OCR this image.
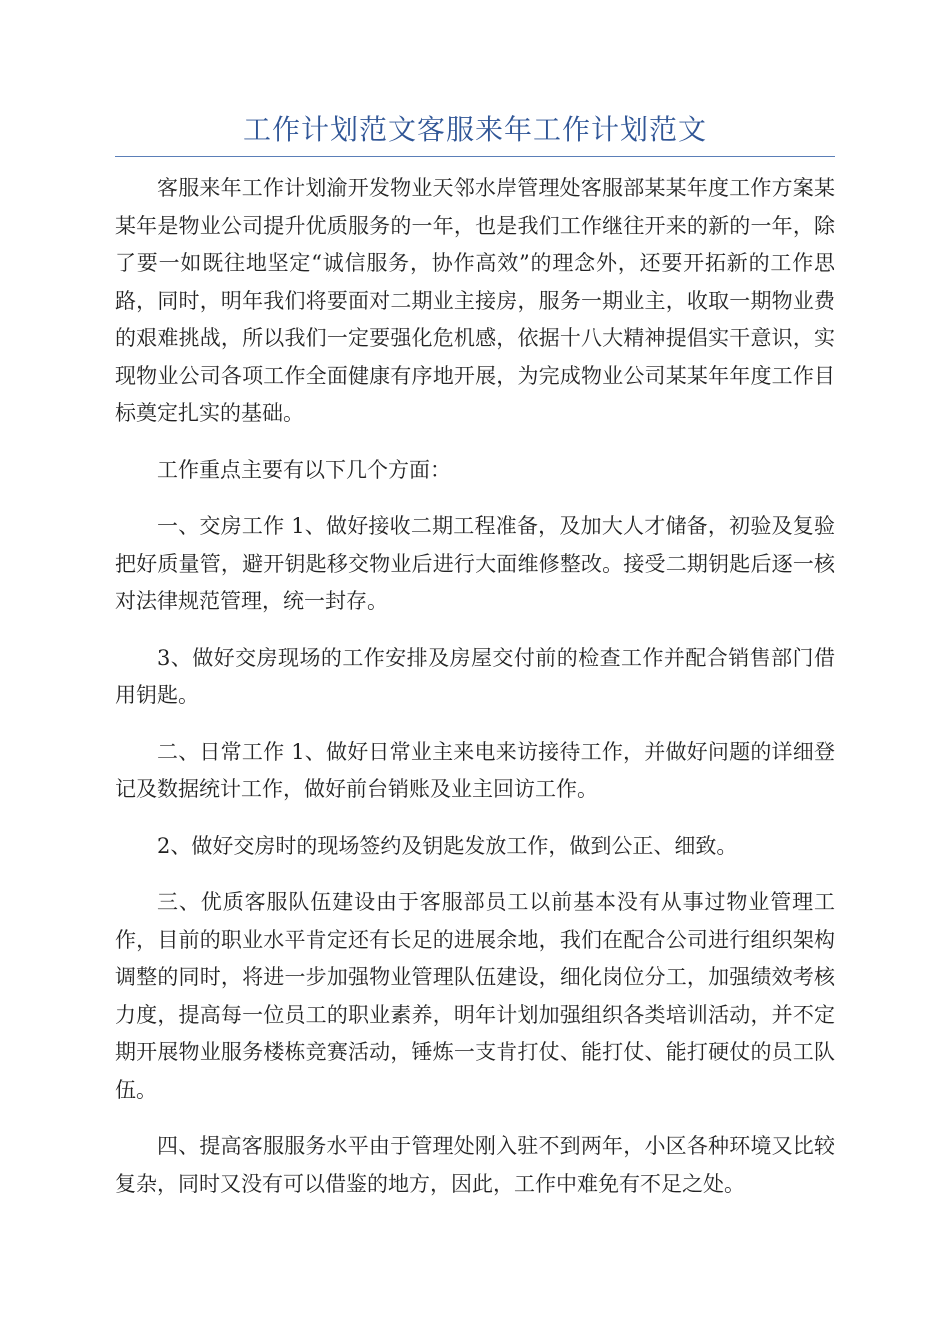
工作计划范文客服来年工作计划范文

客服来年工作计划渝开发物业天邻水岸管理处客服部某某年度工作方案某某年是物业公司提升优质服务的一年，也是我们工作继往开来的新的一年，除了要一如既往地坚定“诚信服务，协作高效”的理念外，还要开拓新的工作思路，同时，明年我们将要面对二期业主接房，服务一期业主，收取一期物业费的艰难挑战，所以我们一定要强化危机感，依据十八大精神提倡实干意识，实现物业公司各项工作全面健康有序地开展，为完成物业公司某某年年度工作目标奠定扎实的基础。

工作重点主要有以下几个方面：

一、交房工作 1、做好接收二期工程准备，及加大人才储备，初验及复验把好质量管，避开钥匙移交物业后进行大面维修整改。接受二期钥匙后逐一核对法律规范管理，统一封存。

3、做好交房现场的工作安排及房屋交付前的检查工作并配合销售部门借用钥匙。

二、日常工作 1、做好日常业主来电来访接待工作，并做好问题的详细登记及数据统计工作，做好前台销账及业主回访工作。

2、做好交房时的现场签约及钥匙发放工作，做到公正、细致。

三、优质客服队伍建设由于客服部员工以前基本没有从事过物业管理工作，目前的职业水平肯定还有长足的进展余地，我们在配合公司进行组织架构调整的同时，将进一步加强物业管理队伍建设，细化岗位分工，加强绩效考核力度，提高每一位员工的职业素养，明年计划加强组织各类培训活动，并不定期开展物业服务楼栋竞赛活动，锤炼一支肯打仗、能打仗、能打硬仗的员工队伍。

四、提高客服服务水平由于管理处刚入驻不到两年，小区各种环境又比较复杂，同时又没有可以借鉴的地方，因此，工作中难免有不足之处。
